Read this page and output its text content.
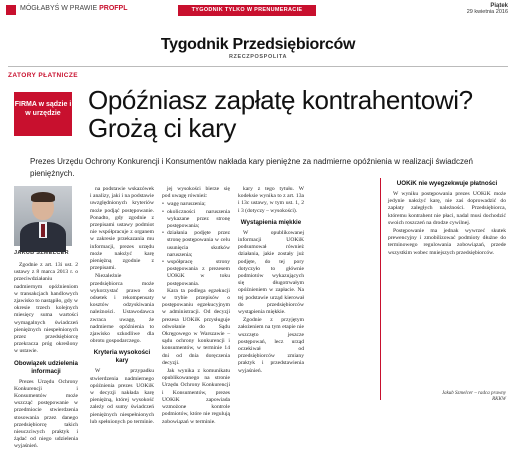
MÓGŁABYŚ W PRAWIE PROFPL	TYGODNIK TYLKO W PRENUMERACIE
Piątek
29 kwietnia 2016
Tygodnik Przedsiębiorców
RZECZPOSPOLITA
ZATORY PŁATNICZE
FIRMA w sądzie i w urzędzie	Opóźniasz zapłatę kontrahentowi? Grożą ci kary
Prezes Urzędu Ochrony Konkurencji i Konsumentów nakłada kary pieniężne za nadmierne opóźnienia w realizacji świadczeń pieniężnych.
JAKUB SZMELCER

Zgodnie z art. 13i ust. 2 ustawy z 8 marca 2013 r. o przeciwdziałaniu nadmiernym opóźnieniom w transakcjach handlowych zjawisko to nastąpiło, gdy w okresie trzech kolejnych miesięcy suma wartości wymagalnych świadczeń pieniężnych niespełnionych przez przedsiębiorcę przekracza próg określony w ustawie.

Obowiązek udzielenia informacji

Prezes Urzędu Ochrony Konkurencji i Konsumentów może wszcząć postępowanie w przedmiocie stwierdzenia stosowania przez danego przedsiębiorcę takich nieuczciwych praktyk i żądać od niego udzielenia wyjaśnień.

na podstawie wskazówek i analizy, jaki i na podstawie uwzględnionych kryteriów może podjąć postępowanie. Ponadto, gdy zgodnie z przepisami ustawy podmiot nie współpracuje z organem w zakresie przekazania mu informacji, prezes urzędu może nałożyć karę pieniężną zgodnie z przepisami.

Niezależnie przedsiębiorca może wykorzystać prawo do odsetek i rekompensaty kosztów odzyskiwania należności. Ustawodawca zwraca uwagę, że nadmierne opóźnienia to zjawisko szkodliwe dla obrotu gospodarczego.

Kryteria wysokości kary

W przypadku stwierdzenia nadmiernego opóźnienia prezes UOKiK w decyzji nakłada karę pieniężną, której wysokość zależy od sumy świadczeń pieniężnych niespełnionych lub spełnionych po terminie.

jej wysokości bierze się pod uwagę również:

• wagę naruszenia;
• okoliczności naruszenia wykazane przez stronę postępowania;
• działania podjęte przez stronę postępowania w celu usunięcia skutków naruszenia;
• współpracę strony postępowania z prezesem UOKiK w toku postępowania.

Kara ta podlega egzekucji w trybie przepisów o postępowaniu egzekucyjnym w administracji. Od decyzji prezesa UOKiK przysługuje odwołanie do Sądu Okręgowego w Warszawie – sądu ochrony konkurencji i konsumentów, w terminie 14 dni od dnia doręczenia decyzji.

Jak wynika z komunikatu opublikowanego na stronie Urzędu Ochrony Konkurencji i Konsumentów, prezes UOKiK zapowiada wzmożone kontrole podmiotów, które nie regulują zobowiązań w terminie.

kary z tego tytułu. W kodeksie wynika to z art. 13a i 13c ustawy, w tym ust. 1, 2 i 3 (dotyczy – wysokości).

Wystąpienia miękkie

W opublikowanej informacji UOKiK podsumował również działania, jakie zostały już podjęte, do tej pory dotyczyło to głównie podmiotów wykazujących się długotrwałym opóźnieniem w zapłacie. Na tej podstawie urząd kierował do przedsiębiorców wystąpienia miękkie.

Zgodnie z przyjętym założeniem na tym etapie nie wszczęto jeszcze postępowań, lecz urząd oczekiwał od przedsiębiorców zmiany praktyk i przedstawienia wyjaśnień.

UOKiK nie wyegzekwuje płatności

W wyniku postępowania prezes UOKiK może jedynie nałożyć karę, nie zaś doprowadzić do zapłaty zaległych należności. Przedsiębiorca, któremu kontrahent nie płaci, nadal musi dochodzić swoich roszczeń na drodze cywilnej.

Postępowanie ma jednak wywrzeć skutek prewencyjny i zmobilizować podmioty dłużne do terminowego regulowania zobowiązań, przede wszystkim wobec mniejszych przedsiębiorców.

Jakub Szmelcer – radca prawny
RKKW
